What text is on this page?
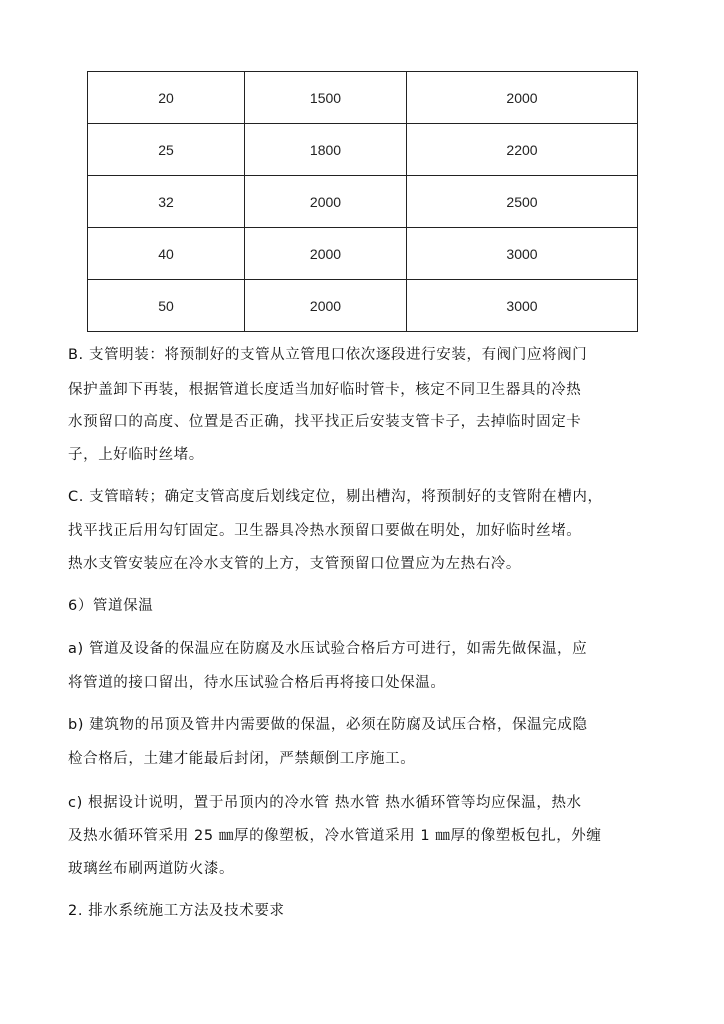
20	1500	2000
25	1800	2200
32	2000	2500
40	2000	3000
50	2000	3000
B. 支管明装：将预制好的支管从立管甩口依次逐段进行安装，有阀门应将阀门
保护盖卸下再装，根据管道长度适当加好临时管卡，核定不同卫生器具的冷热
水预留口的高度、位置是否正确，找平找正后安装支管卡子，去掉临时固定卡
子，上好临时丝堵。
C. 支管暗转；确定支管高度后划线定位，剔出槽沟，将预制好的支管附在槽内，
找平找正后用勾钉固定。卫生器具冷热水预留口要做在明处，加好临时丝堵。
热水支管安装应在冷水支管的上方，支管预留口位置应为左热右冷。
6）管道保温
a) 管道及设备的保温应在防腐及水压试验合格后方可进行，如需先做保温，应
将管道的接口留出，待水压试验合格后再将接口处保温。
b) 建筑物的吊顶及管井内需要做的保温，必须在防腐及试压合格，保温完成隐
检合格后，土建才能最后封闭，严禁颠倒工序施工。
c) 根据设计说明，置于吊顶内的冷水管 热水管 热水循环管等均应保温，热水
及热水循环管采用 25 ㎜厚的像塑板，冷水管道采用 1 ㎜厚的像塑板包扎，外缠
玻璃丝布刷两道防火漆。
2. 排水系统施工方法及技术要求
